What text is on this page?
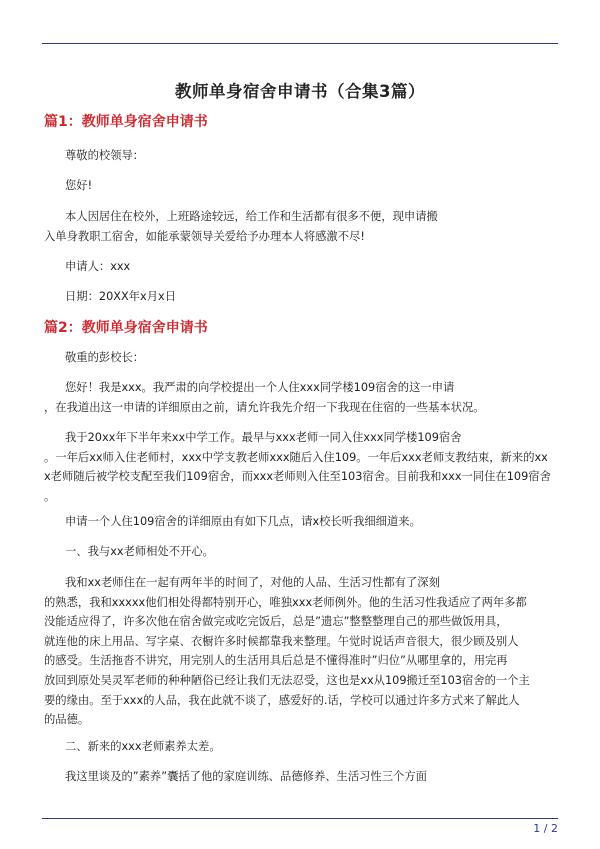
教师单身宿舍申请书（合集3篇）
篇1：教师单身宿舍申请书
尊敬的校领导：
您好!
本人因居住在校外，上班路途较远，给工作和生活都有很多不便，现申请搬
入单身教职工宿舍，如能承蒙领导关爱给予办理本人将感激不尽!
申请人：xxx
日期：20XX年x月x日
篇2：教师单身宿舍申请书
敬重的彭校长：
您好！我是xxx。我严肃的向学校提出一个人住xxx同学楼109宿舍的这一申请
，在我道出这一申请的详细原由之前，请允许我先介绍一下我现在住宿的一些基本状况。
我于20xx年下半年来xx中学工作。最早与xxx老师一同入住xxx同学楼109宿舍
。一年后xx师入住老师村，xxx中学支教老师xxx随后入住109。一年后xxx老师支教结束，新来的xx
x老师随后被学校支配至我们109宿舍，而xxx老师则入住至103宿舍。目前我和xxx一同住在109宿舍
。
申请一个人住109宿舍的详细原由有如下几点，请x校长听我细细道来。
一、我与xx老师相处不开心。
我和xx老师住在一起有两年半的时间了，对他的人品、生活习性都有了深刻
的熟悉，我和xxxxx他们相处得都特别开心，唯独xxx老师例外。他的生活习性我适应了两年多都
没能适应得了，许多次他在宿舍做完或吃完饭后，总是”遗忘”整整整理自己的那些做饭用具，
就连他的床上用品、写字桌、衣橱许多时候都靠我来整理。午觉时说话声音很大，很少顾及别人
的感受。生活拖沓不讲究，用完别人的生活用具后总是不懂得准时”归位”从哪里拿的，用完再
放回到原处吴灵军老师的种种陋俗已经让我们无法忍受，这也是xx从109搬迁至103宿舍的一个主
要的缘由。至于xxx的人品，我在此就不谈了，感爱好的.话，学校可以通过许多方式来了解此人
的品德。
二、新来的xxx老师素养太差。
我这里谈及的”素养”囊括了他的家庭训练、品德修养、生活习性三个方面
1 / 2
